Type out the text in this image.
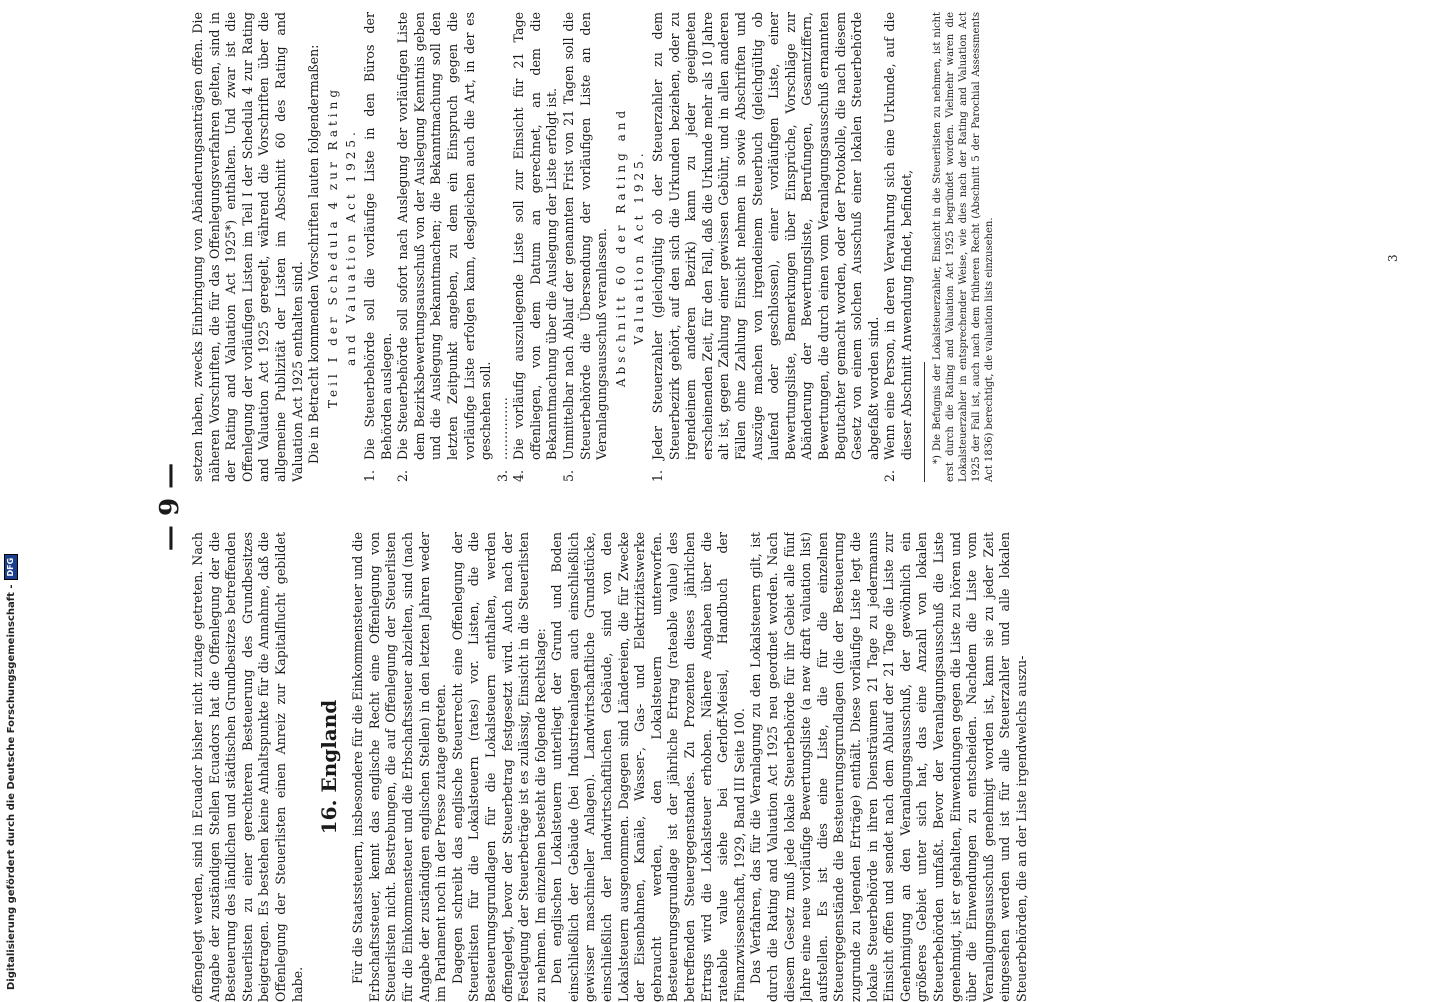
— 9 —

offengelegt werden, sind in Ecuador bisher nicht zutage getreten. Nach Angabe der zuständigen Stellen Ecuadors hat die Offenlegung der die Besteuerung des ländlichen und städtischen Grundbesitzes betreffenden Steuerlisten zu einer gerechteren Besteuerung des Grundbesitzes beigetragen. Es bestehen keine Anhaltspunkte für die Annahme, daß die Offenlegung der Steuerlisten einen Anreiz zur Kapitalflucht gebildet habe.

16. England Für die Staatssteuern, insbesondere für die Einkommensteuer und die Erbschaftssteuer, kennt das englische Recht eine Offenlegung von Steuerlisten nicht. Bestrebungen, die auf Offenlegung der Steuerlisten für die Einkommensteuer und die Erbschaftssteuer abzielten, sind (nach Angabe der zuständigen englischen Stellen) in den letzten Jahren weder im Parlament noch in der Presse zutage getreten. Dagegen schreibt das englische Steuerrecht eine Offenlegung der Steuerlisten für die Lokalsteuern (rates) vor. Listen, die die Besteuerungsgrundlagen für die Lokalsteuern enthalten, werden offengelegt, bevor der Steuerbetrag festgesetzt wird. Auch nach der Festlegung der Steuerbeträge ist es zulässig, Einsicht in die Steuerlisten zu nehmen. Im einzelnen besteht die folgende Rechtslage: Den englischen Lokalsteuern unterliegt der Grund und Boden einschließlich der Gebäude (bei Industrieanlagen auch einschließlich gewisser maschineller Anlagen). Landwirtschaftliche Grundstücke, einschließlich der landwirtschaftlichen Gebäude, sind von den Lokalsteuern ausgenommen. Dagegen sind Ländereien, die für Zwecke der Eisenbahnen, Kanäle, Wasser-, Gas- und Elektrizitätswerke gebraucht werden, den Lokalsteuern unterworfen. Besteuerungsgrundlage ist der jährliche Ertrag (rateable value) des betreffenden Steuergegenstandes. Zu Prozenten dieses jährlichen Ertrags wird die Lokalsteuer erhoben. Nähere Angaben über die rateable value siehe bei Gerloff-Meisel, Handbuch der Finanzwissenschaft, 1929, Band III Seite 100. Das Verfahren, das für die Veranlagung zu den Lokalsteuern gilt, ist durch die Rating and Valuation Act 1925 neu geordnet worden. Nach diesem Gesetz muß jede lokale Steuerbehörde für ihr Gebiet alle fünf Jahre eine neue vorläufige Bewertungsliste (a new draft valuation list) aufstellen. Es ist dies eine Liste, die für die einzelnen Steuergegenstände die Besteuerungsgrundlagen (die der Besteuerung zugrunde zu legenden Erträge) enthält. Diese vorläufige Liste legt die lokale Steuerbehörde in ihren Diensträumen 21 Tage zu jedermanns Einsicht offen und sendet nach dem Ablauf der 21 Tage die Liste zur Genehmigung an den Veranlagungsausschuß, der gewöhnlich ein größeres Gebiet unter sich hat, das eine Anzahl von lokalen Steuerbehörden umfaßt. Bevor der Veranlagungsausschuß die Liste genehmigt, ist er gehalten, Einwendungen gegen die Liste zu hören und über die Einwendungen zu entscheiden. Nachdem die Liste vom Veranlagungsausschuß genehmigt worden ist, kann sie zu jeder Zeit eingesehen werden und ist für alle Steuerzahler und alle lokalen Steuerbehörden, die an der Liste irgendwelchs auszu-

setzen haben, zwecks Einbringung von Abänderungsanträgen offen. Die näheren Vorschriften, die für das Offenlegungsverfahren gelten, sind in der Rating and Valuation Act 1925*) enthalten. Und zwar ist die Offenlegung der vorläufigen Listen im Teil I der Schedula 4 zur Rating and Valuation Act 1925 geregelt, während die Vorschriften über die allgemeine Publizität der Listen im Abschnitt 60 des Rating and Valuation Act 1925 enthalten sind. Die in Betracht kommenden Vorschriften lauten folgendermaßen: Teil I der Schedula 4 zur Rating and Valuation Act 1925.
1.
Die Steuerbehörde soll die vorläufige Liste in den Büros der Behörden auslegen.
2.
Die Steuerbehörde soll sofort nach Auslegung der vorläufigen Liste dem Bezirksbewertungsausschuß von der Auslegung Kenntnis geben und die Auslegung bekanntmachen; die Bekanntmachung soll den letzten Zeitpunkt angeben, zu dem ein Einspruch gegen die vorläufige Liste erfolgen kann, desgleichen auch die Art, in der es geschehen soll.
3.
……………
4.
Die vorläufig auszulegende Liste soll zur Einsicht für 21 Tage offenliegen, von dem Datum an gerechnet, an dem die Bekanntmachung über die Auslegung der Liste erfolgt ist.
5.
Unmittelbar nach Ablauf der genannten Frist von 21 Tagen soll die Steuerbehörde die Übersendung der vorläufigen Liste an den Veranlagungsausschuß veranlassen. Abschnitt 60 der Rating and Valuation Act 1925.
1.
Jeder Steuerzahler (gleichgültig ob der Steuerzahler zu dem Steuerbezirk gehört, auf den sich die Urkunden beziehen, oder zu irgendeinem anderen Bezirk) kann zu jeder geeigneten erscheinenden Zeit, für den Fall, daß die Urkunde mehr als 10 Jahre alt ist, gegen Zahlung einer gewissen Gebühr, und in allen anderen Fällen ohne Zahlung Einsicht nehmen in sowie Abschriften und Auszüge machen von irgendeinem Steuerbuch (gleichgültig ob laufend oder geschlossen), einer vorläufigen Liste, einer Bewertungsliste, Bemerkungen über Einsprüche, Vorschläge zur Abänderung der Bewertungsliste, Berufungen, Gesamtziffern, Bewertungen, die durch einen vom Veranlagungsausschuß ernannten Begutachter gemacht worden, oder der Protokolle, die nach diesem Gesetz von einem solchen Ausschuß einer lokalen Steuerbehörde abgefaßt worden sind.
2.
Wenn eine Person, in deren Verwahrung sich eine Urkunde, auf die dieser Abschnitt Anwendung findet, befindet, *) Die Befugnis der Lokalsteuerzahler, Einsicht in die Steuerlisten zu nehmen, ist nicht erst durch die Rating and Valuation Act 1925 begründet worden. Vielmehr waren die Lokalsteuerzahler in entsprechender Weise, wie dies nach der Rating and Valuation Act 1925 der Fall ist, auch nach dem früheren Recht (Abschnitt 5 der Parochial Assessments Act 1836) berechtigt, die valuation lists einzusehen.	3
Digitalisierung gefördert durch die Deutsche Forschungsgemeinschaft -DFG
